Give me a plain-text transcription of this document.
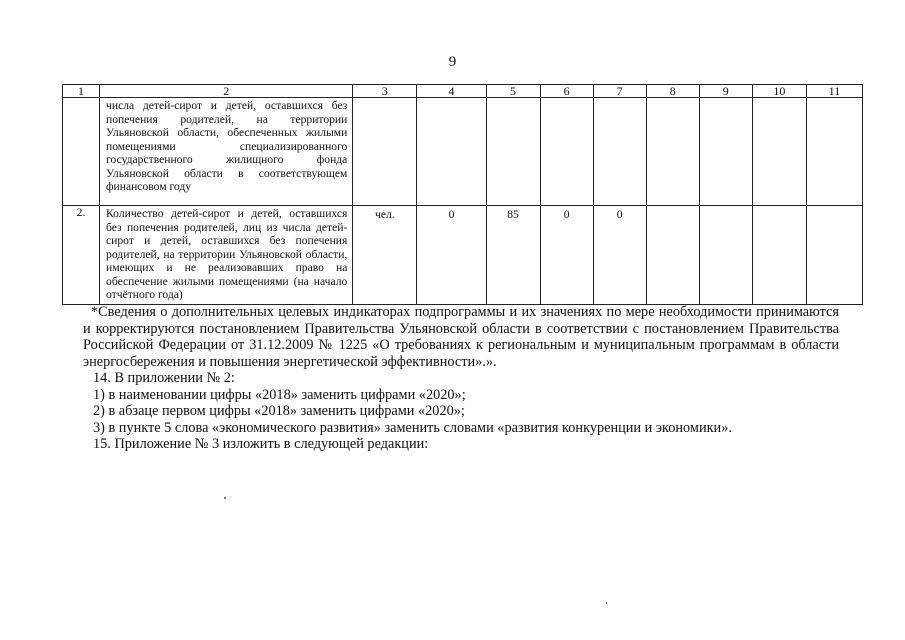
9
1	2	3	4	5	6	7	8	9	10	11
	числа детей-сирот и детей, оставшихся без попечения родителей, на территории Ульяновской области, обеспеченных жилыми помещениями специализированного государственного жилищного фонда Ульяновской области в соответствующем финансовом году									
2.	Количество детей-сирот и детей, оставшихся без попечения родителей, лиц из числа детей-сирот и детей, оставшихся без попечения родителей, на территории Ульяновской области, имеющих и не реализовавших право на обеспечение жилыми помещениями (на начало отчётного года)	чел.	0	85	0	0				

*Сведения о дополнительных целевых индикаторах подпрограммы и их значениях по мере необходимости принимаются и корректируются постановлением Правительства Ульяновской области в соответствии с постановлением Правительства Российской Федерации от 31.12.2009 № 1225 «О требованиях к региональным и муниципальным программам в области энергосбережения и повышения энергетической эффективности».».

14. В приложении № 2:

1) в наименовании цифры «2018» заменить цифрами «2020»;

2) в абзаце первом цифры «2018» заменить цифрами «2020»;

3) в пункте 5 слова «экономического развития» заменить словами «развития конкуренции и экономики».

15. Приложение № 3 изложить в следующей редакции:
